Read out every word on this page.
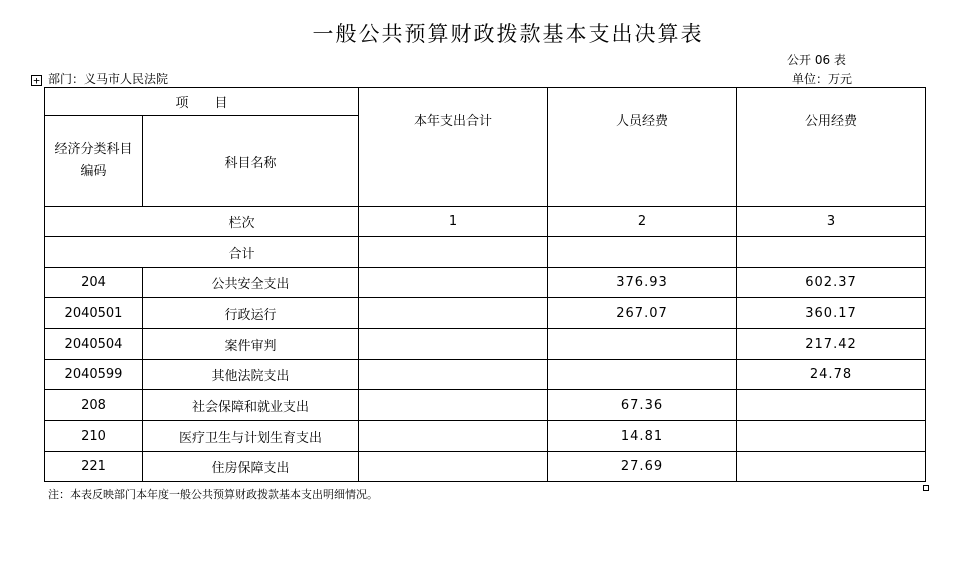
一般公共预算财政拨款基本支出决算表
公开 06 表
+ 部门：义马市人民法院	单位：万元
项　　目		本年支出合计	人员经费	公用经费
经济分类科目编码	科目名称			
栏次		1	2	3
合计				
204	公共安全支出		376.93	602.37
2040501	行政运行		267.07	360.17
2040504	案件审判			217.42
2040599	其他法院支出			24.78
208	社会保障和就业支出		67.36	
210	医疗卫生与计划生育支出		14.81	
221	住房保障支出		27.69	
注：本表反映部门本年度一般公共预算财政拨款基本支出明细情况。
